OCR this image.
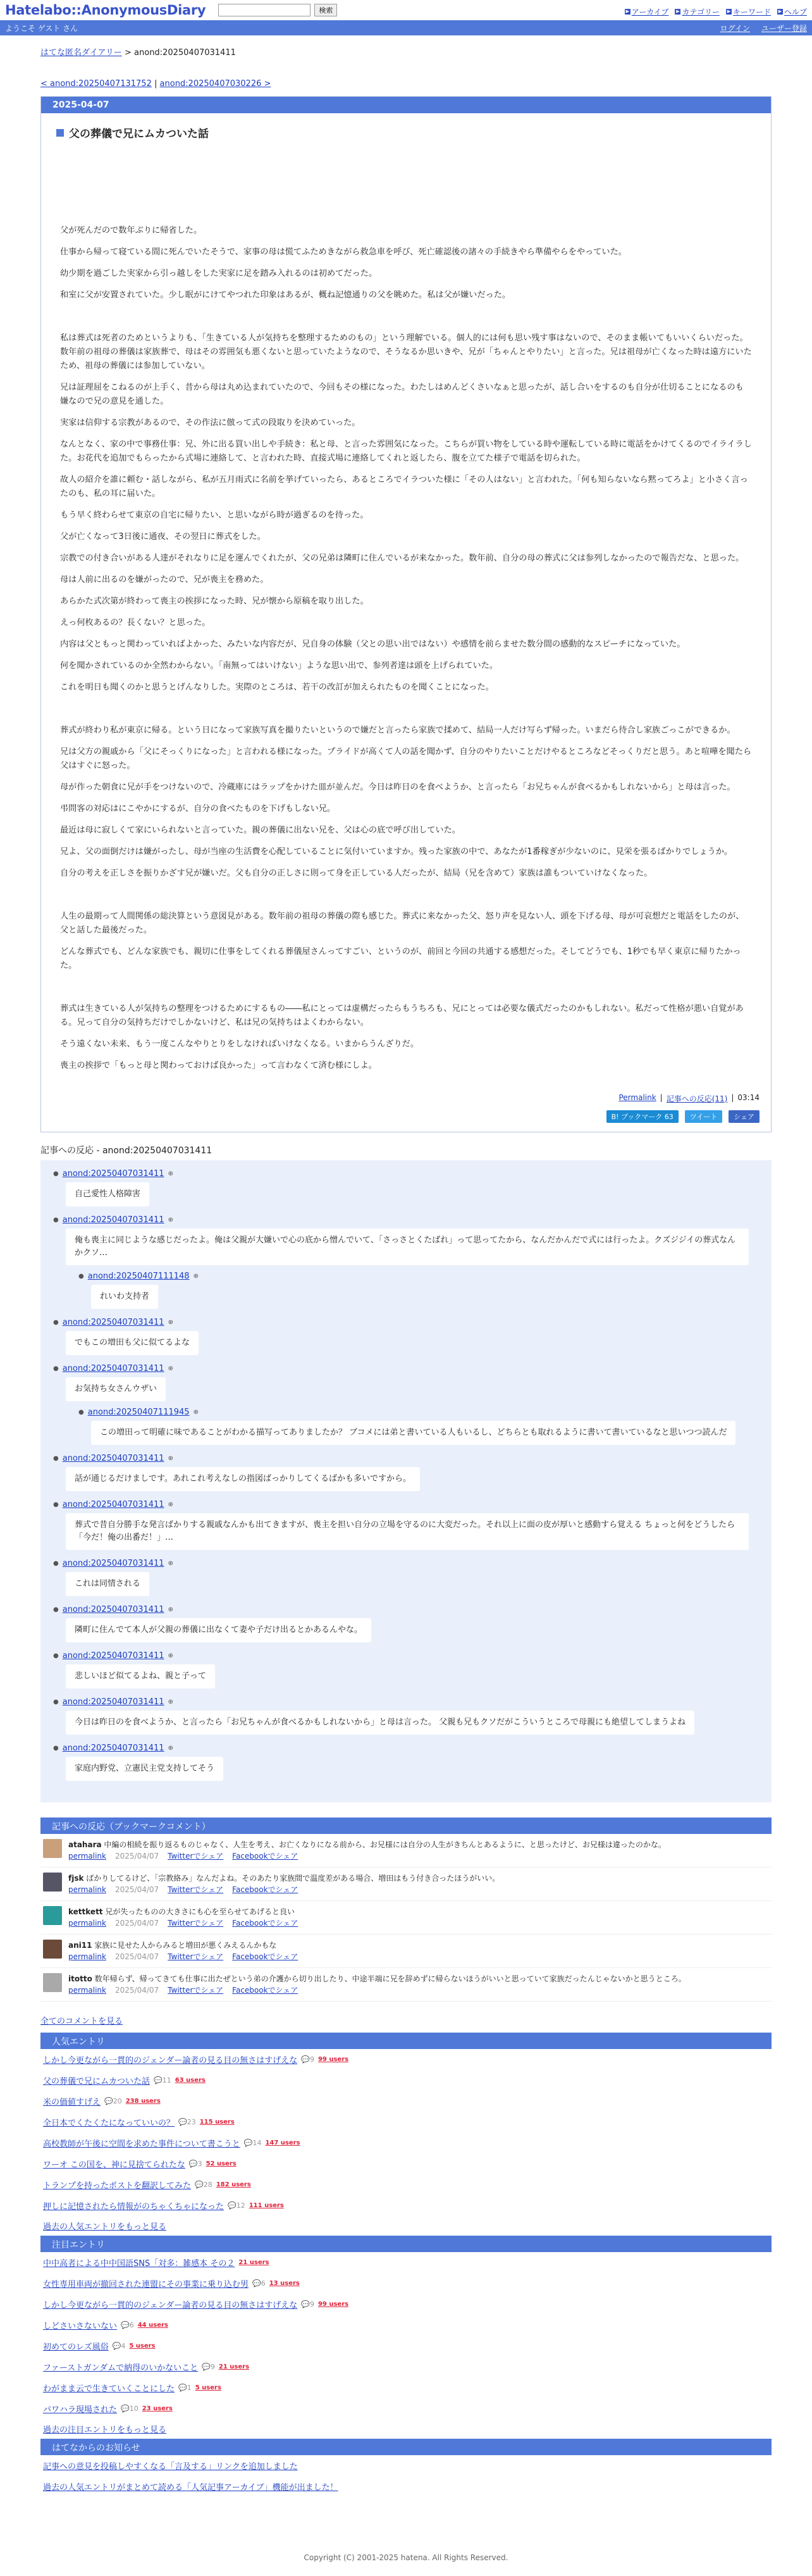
Hatelabo::AnonymousDiary	検索	▶ アーカイブ ▶ カテゴリー ▶ キーワード ▶ ヘルプ
ようこそ ゲスト さん	ログイン ユーザー登録
はてな匿名ダイアリー > anond:20250407031411
< anond:20250407131752 | anond:20250407030226 >
2025-04-07
父の葬儀で兄にムカついた話

父が死んだので数年ぶりに帰省した。

仕事から帰って寝ている間に死んでいたそうで、家事の母は慌てふためきながら救急車を呼び、死亡確認後の諸々の手続きやら準備やらをやっていた。

幼少期を過ごした実家から引っ越しをした実家に足を踏み入れるのは初めてだった。

和室に父が安置されていた。少し眠がにけてやつれた印象はあるが、概ね記憶通りの父を眺めた。私は父が嫌いだった。

私は葬式は死者のためというよりも、「生きている人が気持ちを整理するためのもの」という理解でいる。個人的には何も思い残す事はないので、そのまま帳いてもいいくらいだった。数年前の祖母の葬儀は家族葬で、母はその雰囲気も悪くないと思っていたようなので、そうなるか思いきや、兄が「ちゃんとやりたい」と言った。兄は祖母が亡くなった時は遠方にいたため、祖母の葬儀には参加していない。

兄は証理屈をこねるのが上手く、昔から母は丸め込まれていたので、今回もその様になった。わたしはめんどくさいなぁと思ったが、話し合いをするのも自分が仕切ることになるのも嫌なので兄の意見を通した。

実家は信仰する宗教があるので、その作法に倣って式の段取りを決めていった。

なんとなく、家の中で事務仕事：兄、外に出る買い出しや手続き：私と母、と言った雰囲気になった。こちらが買い物をしている時や運転している時に電話をかけてくるのでイライラした。お花代を追加でもらったから式場に連絡して、と言われた時、直接式場に連絡してくれと返したら、腹を立てた様子で電話を切られた。

故人の紹介を誰に頼む・話しながら、私が五月雨式に名前を挙げていったら、あるところでイラついた様に「その人はない」と言われた。「何も知らないなら黙ってろよ」と小さく言ったのも、私の耳に届いた。

もう早く終わらせて東京の自宅に帰りたい、と思いながら時が過ぎるのを待った。

父が亡くなって3日後に通夜、その翌日に葬式をした。

宗教での付き合いがある人達がそれなりに足を運んでくれたが、父の兄弟は隣町に住んでいるが来なかった。数年前、自分の母の葬式に父は参列しなかったので報告だな、と思った。

母は人前に出るのを嫌がったので、兄が喪主を務めた。

あらかた式次第が終わって喪主の挨拶になった時、兄が懐から原稿を取り出した。

えっ何枚あるの？長くない？と思った。

内容は父ともっと関わっていればよかった、みたいな内容だが、兄自身の体験（父との思い出ではない）や感情を前らませた数分間の感動的なスピーチになっていた。

何を聞かされているのか全然わからない。「南無ってはいけない」ような思い出で、参列者達は頭を上げられていた。

これを明日も聞くのかと思うとげんなりした。実際のところは、若干の改訂が加えられたものを聞くことになった。

葬式が終わり私が東京に帰る。という日になって家族写真を撮りたいというので嫌だと言ったら家族で揉めて、結局一人だけ写らず帰った。いまだら待合し家族ごっこができるか。

兄は父方の親戚から「父にそっくりになった」と言われる様になった。プライドが高くて人の話を聞かず、自分のやりたいことだけやるところなどそっくりだと思う。あと喧嘩を聞たら父はすぐに怒った。

母が作った朝食に兄が手をつけないので、冷蔵庫にはラップをかけた皿が並んだ。今日は昨日のを食べようか、と言ったら「お兄ちゃんが食べるかもしれないから」と母は言った。

弔問客の対応はにこやかにするが、自分の食べたものを下げもしない兄。

最近は母に寂しくて家にいられないと言っていた。親の葬儀に出ない兄を、父は心の底で呼び出していた。

兄よ、父の面倒だけは嫌がったし、母が当座の生活費を心配していることに気付いていますか。残った家族の中で、あなたが1番稼ぎが少ないのに、見栄を張るばかりでしょうか。

自分の考えを正しさを振りかざす兄が嫌いだ。父も自分の正しさに則って身を正している人だったが、結局（兄を含めて）家族は誰もついていけなくなった。

人生の最期って人間関係の総決算という意図見がある。数年前の祖母の葬儀の際も感じた。葬式に来なかった父、怒り声を見ない人、頭を下げる母、母が可哀想だと電話をしたのが、父と話した最後だった。

どんな葬式でも、どんな家族でも、親切に仕事をしてくれる葬儀屋さんってすごい、というのが、前回と今回の共通する感想だった。そしてどうでも、1秒でも早く東京に帰りたかった。

葬式は生きている人が気持ちの整理をつけるためにするもの――私にとっては虚構だったらもうちろも、兄にとっては必要な儀式だったのかもしれない。私だって性格が悪い自覚がある。兄って自分の気持ちだけでしかないけど、私は兄の気持ちはよくわからない。

そう遠くない未来、もう一度こんなやりとりをしなければいけなくなる。いまからうんざりだ。

喪主の挨拶で「もっと母と関わっておけば良かった」って言わなくて済む様にしよ。

Permalink | 記事への反応(11) | 03:14
B! ブックマーク 63	ツイート	シェア
記事への反応 - anond:20250407031411
● anond:20250407031411 ⊕
自己愛性人格障害
● anond:20250407031411 ⊕
俺も喪主に同じような感じだったよ。俺は父親が大嫌いで心の底から憎んでいて、「さっさとくたばれ」って思ってたから、なんだかんだで式には行ったよ。クズジジイの葬式なんかクソ…
● anond:20250407111148 ⊕
れいわ支持者
● anond:20250407031411 ⊕
でもこの増田も父に似てるよな
● anond:20250407031411 ⊕
お気持ち女さんウザい
● anond:20250407111945 ⊕
この増田って明確に味であることがわかる描写ってありましたか？ ブコメには弟と書いている人もいるし、どちらとも取れるように書いて書いているなと思いつつ読んだ
● anond:20250407031411 ⊕
話が通じるだけましです。あれこれ考えなしの指図ばっかりしてくるばかも多いですから。
● anond:20250407031411 ⊕
葬式で昔自分勝手な発言ばかりする親戚なんかも出てきますが、喪主を担い自分の立場を守るのに大変だった。それ以上に面の皮が厚いと感動すら覚える ちょっと何をどうしたら「今だ！俺の出番だ！」…
● anond:20250407031411 ⊕
これは同情される
● anond:20250407031411 ⊕
隣町に住んでて本人が父親の葬儀に出なくて妻や子だけ出るとかあるんやな。
● anond:20250407031411 ⊕
悲しいほど似てるよね、親と子って
● anond:20250407031411 ⊕
今日は昨日のを食べようか、と言ったら「お兄ちゃんが食べるかもしれないから」と母は言った。 父親も兄もクソだがこういうところで母親にも絶望してしまうよね
● anond:20250407031411 ⊕
家庭内野党、立憲民主党支持してそう
記事への反応（ブックマークコメント）
atahara 中編の相続を振り返るものじゃなく、人生を考え、お亡くなりになる前から、お兄様には自分の人生がきちんとあるように、と思ったけど、お兄様は違ったのかな。
permalink 2025/04/07 Twitterでシェア Facebookでシェア
fjsk ばかりしてるけど、「宗教絡み」なんだよね。そのあたり家族間で温度差がある場合、増田はもう付き合ったほうがいい。
permalink 2025/04/07 Twitterでシェア Facebookでシェア
kettkett 兄が失ったものの大きさにも心を至らせてあげると良い
permalink 2025/04/07 Twitterでシェア Facebookでシェア
ani11 家族に見せた人からみると増田が悪くみえるんかもな
permalink 2025/04/07 Twitterでシェア Facebookでシェア
itotto 数年帰らず、帰ってきても仕事に出たぜという弟の介護から切り出したり、中途半端に兄を辞めずに帰らないほうがいいと思っていて家族だったんじゃないかと思うところ。
permalink 2025/04/07 Twitterでシェア Facebookでシェア
全てのコメントを見る
人気エントリ
しかし今更ながら一貫的のジェンダー論者の見る目の無さはすげえな 💬9 99 users
父の葬儀で兄にムカついた話 💬11 63 users
米の価値すげえ 💬20 238 users
全日本でくたくたになっていいの？ 💬23 115 users
高校教師が午後に空間を求めた事件について書こうと 💬14 147 users
ワーオ この国を、神に見捨てられたな 💬3 52 users
トランプを持ったポストを翻訳してみた 💬28 182 users
押しに記憶されたら情報がのちゃくちゃになった 💬12 111 users
過去の人気エントリをもっと見る
注目エントリ
中中高者による中中国語SNS「対多：雑感本 その２ 21 users
女性専用車両が撤回された連盟にその事業に乗り込む男 💬6 13 users
しかし今更ながら一貫的のジェンダー論者の見る目の無さはすげえな 💬9 99 users
しどさいさないない 💬6 44 users
初めてのレズ風俗 💬4 5 users
ファーストガンダムで納得のいかないこと 💬9 21 users
わがまま云で生きていくことにした 💬1 5 users
パワハラ現場された 💬10 23 users
過去の注目エントリをもっと見る
はてなからのお知らせ
記事への意見を投稿しやすくなる「言及する」リンクを追加しました
過去の人気エントリがまとめて読める「人気記事アーカイブ」機能が出ました！
Copyright (C) 2001-2025 hatena. All Rights Reserved.
